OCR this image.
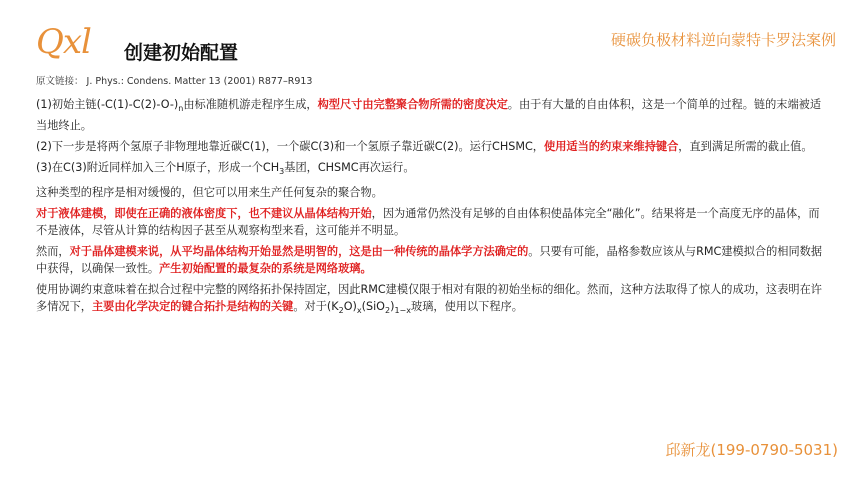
Qxl 创建初始配置
硬碳负极材料逆向蒙特卡罗法案例
原文链接： J. Phys.: Condens. Matter 13 (2001) R877–R913

(1)初始主链$(-C(1)-C(2)-O-)_n$由标准随机游走程序生成，构型尺寸由完整聚合物所需的密度决定。由于有大量的自由体积，这是一个简单的过程。链的末端被适当地终止。

(2)下一步是将两个氢原子非物理地靠近碳C(1)，一个碳C(3)和一个氢原子靠近碳C(2)。运行CHSMC，使用适当的约束来维持键合，直到满足所需的截止值。

(3)在C(3)附近同样加入三个H原子，形成一个$CH_3$基团，CHSMC再次运行。

这种类型的程序是相对缓慢的，但它可以用来生产任何复杂的聚合物。

对于液体建模，即使在正确的液体密度下，也不建议从晶体结构开始，因为通常仍然没有足够的自由体积使晶体完全“融化”。结果将是一个高度无序的晶体，而不是液体，尽管从计算的结构因子甚至从观察构型来看，这可能并不明显。

然而，对于晶体建模来说，从平均晶体结构开始显然是明智的，这是由一种传统的晶体学方法确定的。只要有可能，晶格参数应该从与RMC建模拟合的相同数据中获得，以确保一致性。产生初始配置的最复杂的系统是网络玻璃。

使用协调约束意味着在拟合过程中完整的网络拓扑保持固定，因此RMC建模仅限于相对有限的初始坐标的细化。然而，这种方法取得了惊人的成功，这表明在许多情况下，主要由化学决定的键合拓扑是结构的关键。对于$(K_2O)_x(SiO_2)_{1-x}$玻璃，使用以下程序。

邱新龙(199-0790-5031)
